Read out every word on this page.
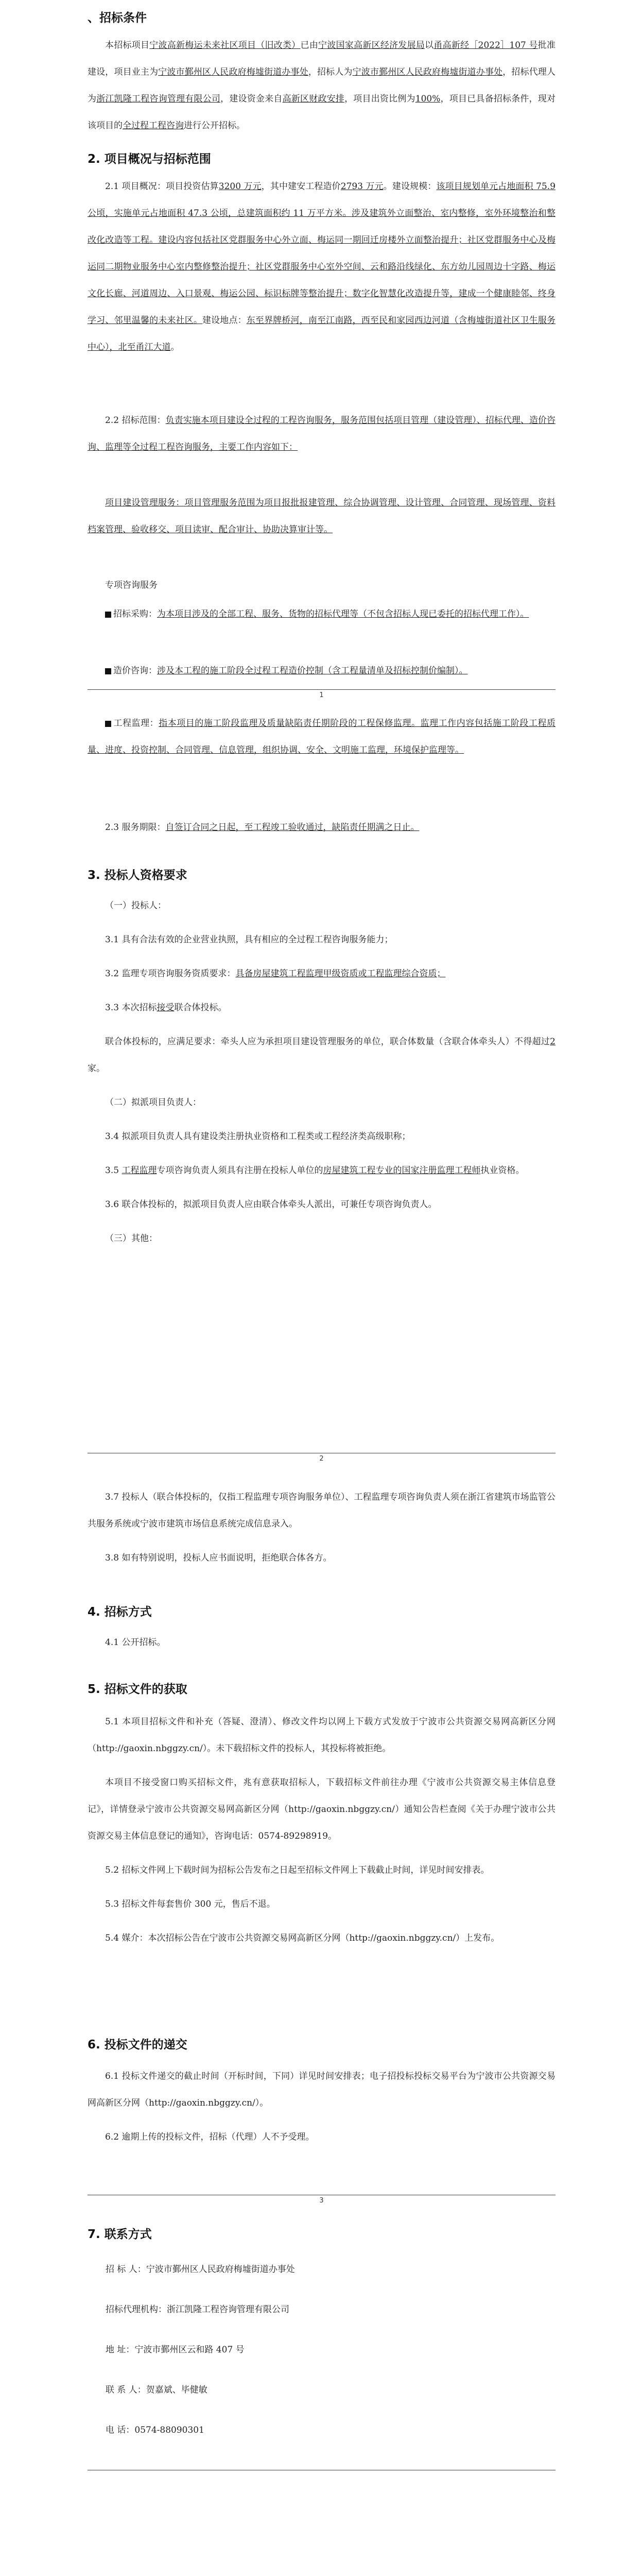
、招标条件

本招标项目宁波高新梅运未来社区项目（旧改类）已由宁波国家高新区经济发展局以甬高新经［2022］107 号批准建设，项目业主为宁波市鄞州区人民政府梅墟街道办事处，招标人为宁波市鄞州区人民政府梅墟街道办事处，招标代理人为浙江凯隆工程咨询管理有限公司，建设资金来自高新区财政安排，项目出资比例为100%，项目已具备招标条件，现对该项目的全过程工程咨询进行公开招标。

2. 项目概况与招标范围

2.1 项目概况：项目投资估算3200 万元，其中建安工程造价2793 万元。建设规模：该项目规划单元占地面积 75.9 公顷，实施单元占地面积 47.3 公顷，总建筑面积约 11 万平方米。涉及建筑外立面整治、室内整修，室外环境整治和整改化改造等工程。建设内容包括社区党群服务中心外立面、梅运同一期回迁房楼外立面整治提升；社区党群服务中心及梅运同二期物业服务中心室内整修整治提升；社区党群服务中心室外空间、云和路沿线绿化、东方幼儿园周边十字路、梅运文化长廊、河道周边、入口景观、梅运公园、标识标牌等整治提升；数字化智慧化改造提升等，建成一个健康睦邻、终身学习、邻里温馨的未来社区。建设地点：东至界牌桥河，南至江南路，西至民和家园西边河道（含梅墟街道社区卫生服务中心），北至甬江大道。

2.2 招标范围：负责实施本项目建设全过程的工程咨询服务，服务范围包括项目管理（建设管理）、招标代理、造价咨询、监理等全过程工程咨询服务，主要工作内容如下：

项目建设管理服务：项目管理服务范围为项目报批报建管理、综合协调管理、设计管理、合同管理、现场管理、资料档案管理、验收移交、项目读审、配合审计、协助决算审计等。

专项咨询服务

招标采购：为本项目涉及的全部工程、服务、货物的招标代理等（不包含招标人现已委托的招标代理工作）。

造价咨询：涉及本工程的施工阶段全过程工程造价控制（含工程量清单及招标控制价编制）。

1

工程监理：指本项目的施工阶段监理及质量缺陷责任期阶段的工程保修监理。监理工作内容包括施工阶段工程质量、进度、投资控制、合同管理、信息管理，组织协调、安全、文明施工监理，环境保护监理等。

2.3 服务期限：自签订合同之日起，至工程竣工验收通过，缺陷责任期满之日止。

3. 投标人资格要求

（一）投标人：

3.1 具有合法有效的企业营业执照，具有相应的全过程工程咨询服务能力；

3.2 监理专项咨询服务资质要求：具备房屋建筑工程监理甲级资质或工程监理综合资质；

3.3 本次招标接受联合体投标。

联合体投标的，应满足要求：牵头人应为承担项目建设管理服务的单位，联合体数量（含联合体牵头人）不得超过2家。

（二）拟派项目负责人：

3.4 拟派项目负责人具有建设类注册执业资格和工程类或工程经济类高级职称；

3.5 工程监理专项咨询负责人须具有注册在投标人单位的房屋建筑工程专业的国家注册监理工程师执业资格。

3.6 联合体投标的，拟派项目负责人应由联合体牵头人派出，可兼任专项咨询负责人。

（三）其他：

2

3.7 投标人（联合体投标的，仅指工程监理专项咨询服务单位）、工程监理专项咨询负责人须在浙江省建筑市场监管公共服务系统或宁波市建筑市场信息系统完成信息录入。

3.8 如有特别说明，投标人应书面说明，拒绝联合体各方。

4. 招标方式

4.1 公开招标。

5. 招标文件的获取

5.1 本项目招标文件和补充（答疑、澄清）、修改文件均以网上下载方式发放于宁波市公共资源交易网高新区分网（http://gaoxin.nbggzy.cn/）。未下载招标文件的投标人，其投标将被拒绝。

本项目不接受窗口购买招标文件，兆有意获取招标人，下载招标文件前往办理《宁波市公共资源交易主体信息登记》，详情登录宁波市公共资源交易网高新区分网（http://gaoxin.nbggzy.cn/）通知公告栏查阅《关于办理宁波市公共资源交易主体信息登记的通知》，咨询电话：0574-89298919。

5.2 招标文件网上下载时间为招标公告发布之日起至招标文件网上下载截止时间，详见时间安排表。

5.3 招标文件每套售价 300 元，售后不退。

5.4 媒介：本次招标公告在宁波市公共资源交易网高新区分网（http://gaoxin.nbggzy.cn/）上发布。

6. 投标文件的递交

6.1 投标文件递交的截止时间（开标时间，下同）详见时间安排表；电子招投标投标交易平台为宁波市公共资源交易网高新区分网（http://gaoxin.nbggzy.cn/）。

6.2 逾期上传的投标文件，招标（代理）人不予受理。

3
7. 联系方式
招 标 人：宁波市鄞州区人民政府梅墟街道办事处
招标代理机构：浙江凯隆工程咨询管理有限公司
地 址：宁波市鄞州区云和路 407 号
联 系 人：贺嘉斌、毕健敏
电 话：0574-88090301
